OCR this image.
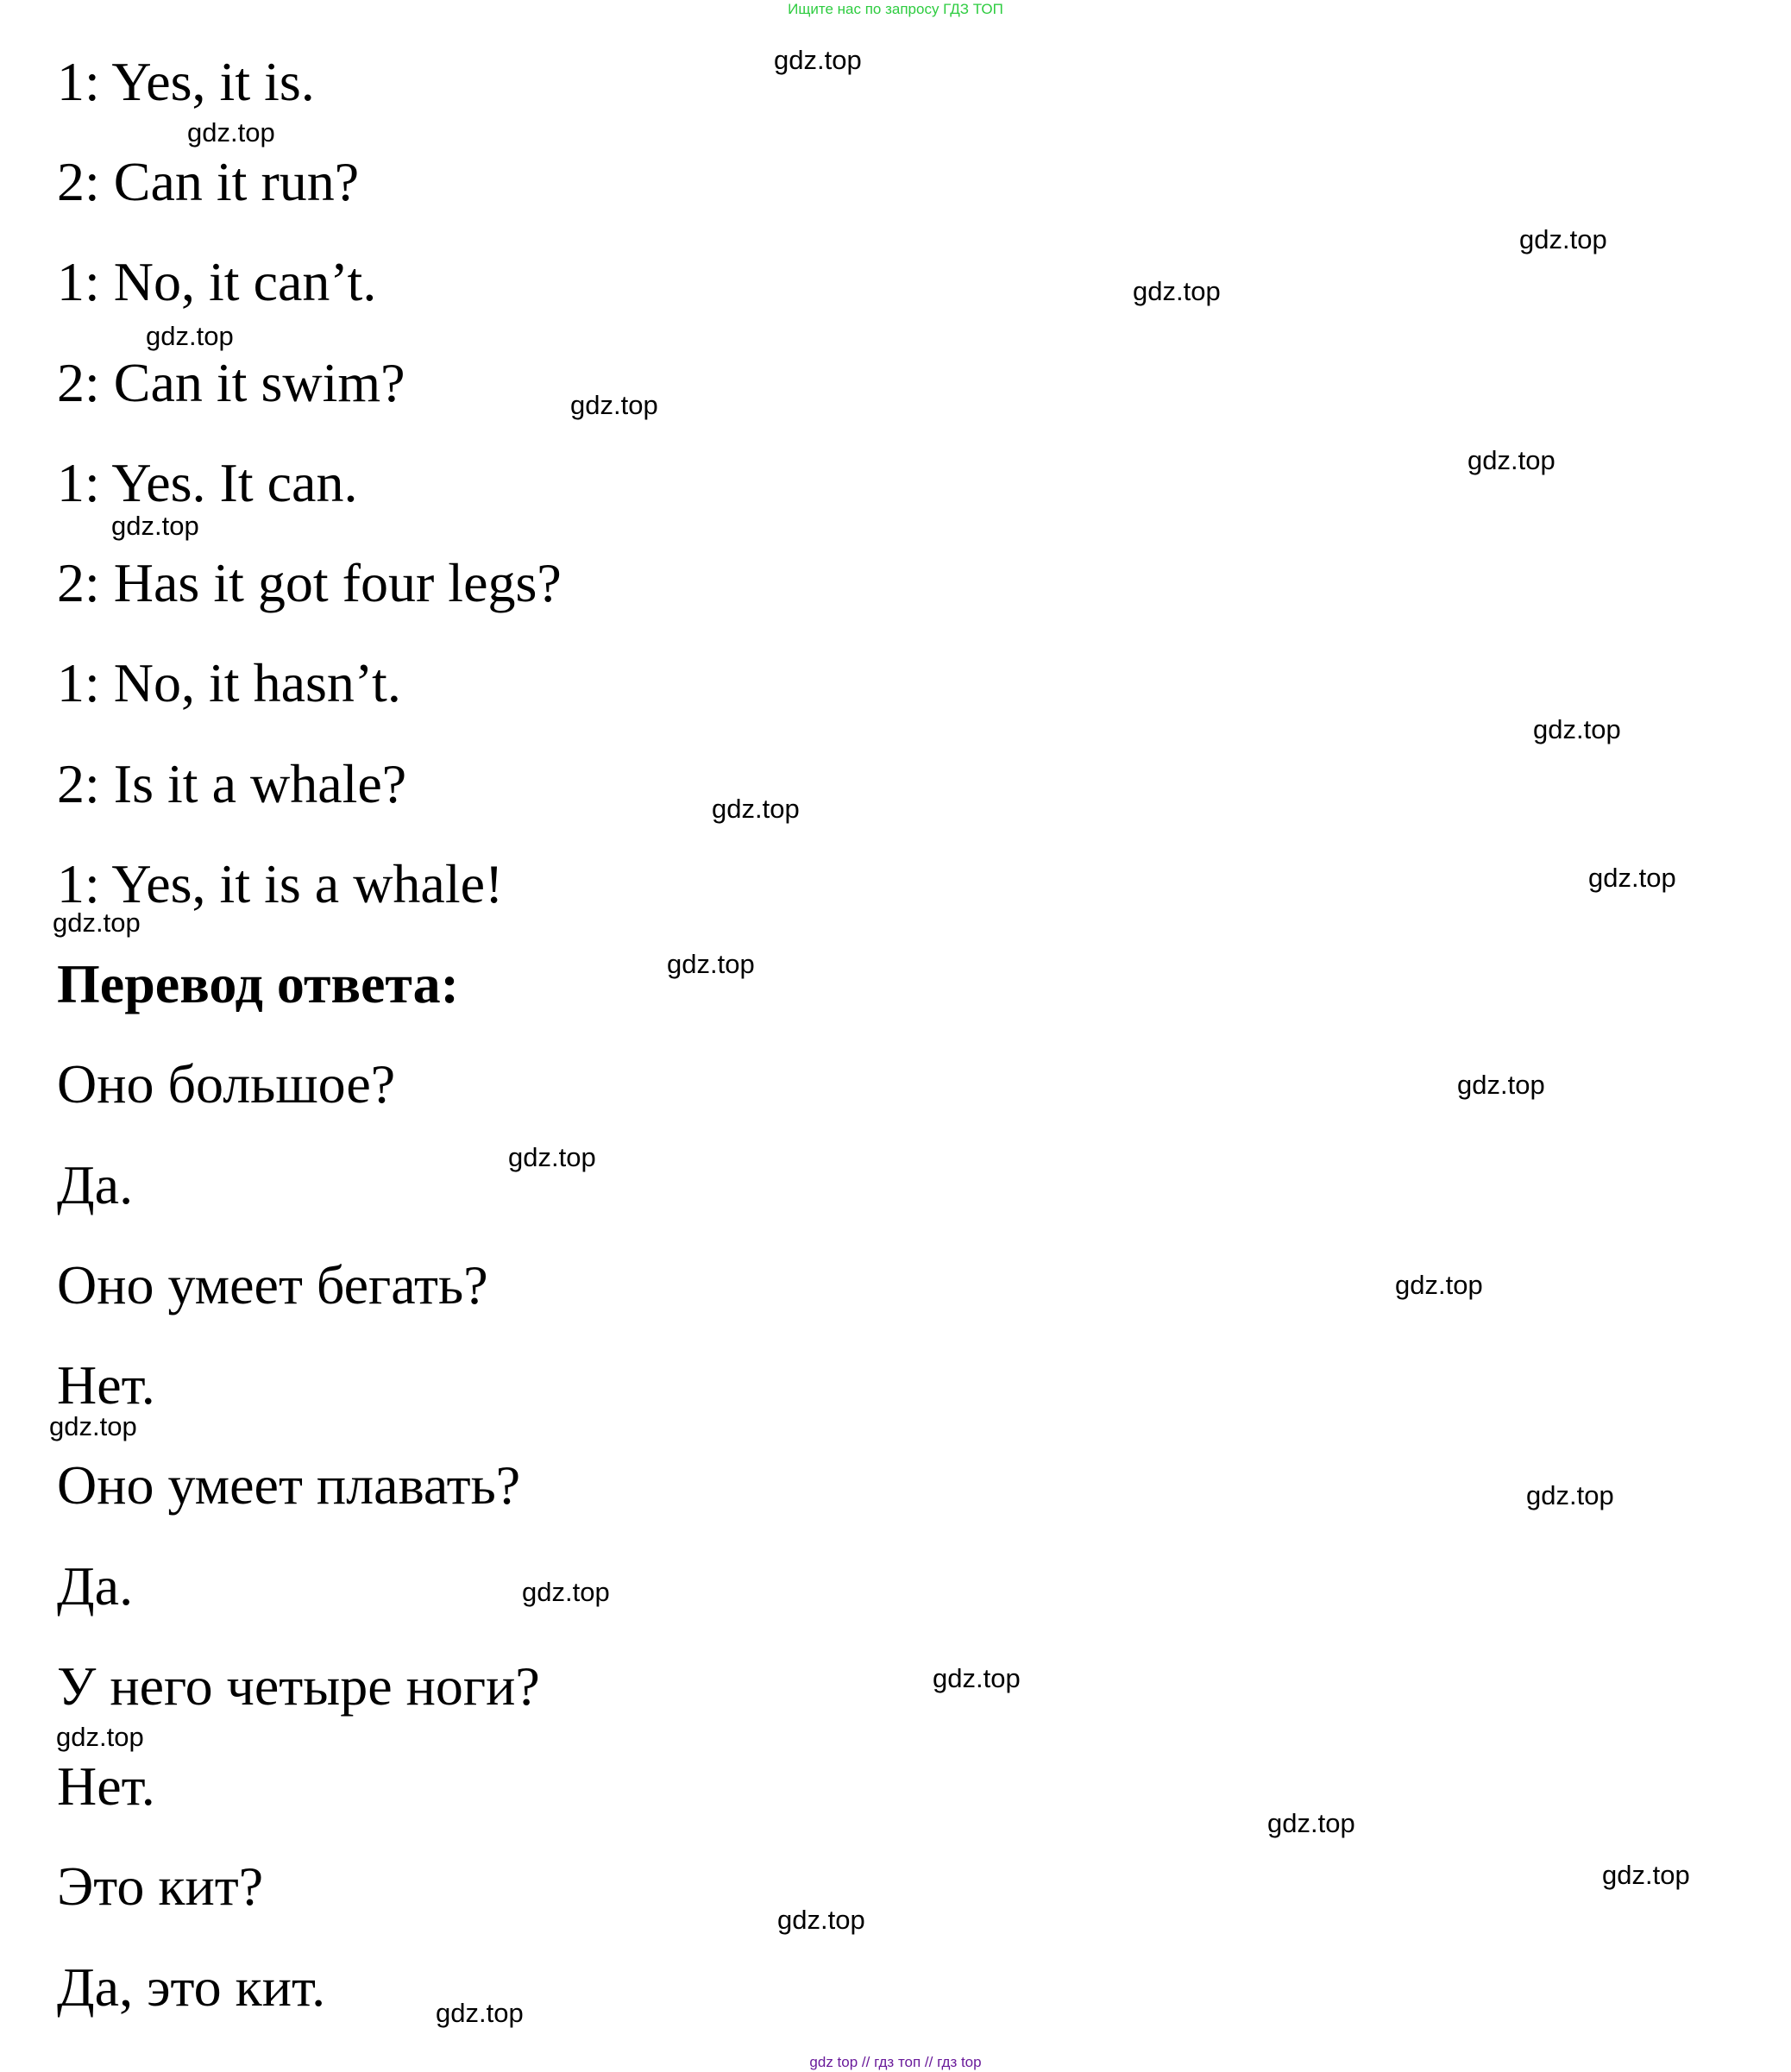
Ищите нас по запросу ГДЗ ТОП
1: Yes, it is.
2: Can it run?
1: No, it can’t.
2: Can it swim?
1: Yes. It can.
2: Has it got four legs?
1: No, it hasn’t.
2: Is it a whale?
1: Yes, it is a whale!
Перевод ответа:
Оно большое?
Да.
Оно умеет бегать?
Нет.
Оно умеет плавать?
Да.
У него четыре ноги?
Нет.
Это кит?
Да, это кит.
gdz.top
gdz.top
gdz.top
gdz.top
gdz.top
gdz.top
gdz.top
gdz.top
gdz.top
gdz.top
gdz.top
gdz.top
gdz.top
gdz.top
gdz.top
gdz.top
gdz.top
gdz.top
gdz.top
gdz.top
gdz.top
gdz.top
gdz.top
gdz.top
gdz.top
gdz top // гдз топ // гдз top
